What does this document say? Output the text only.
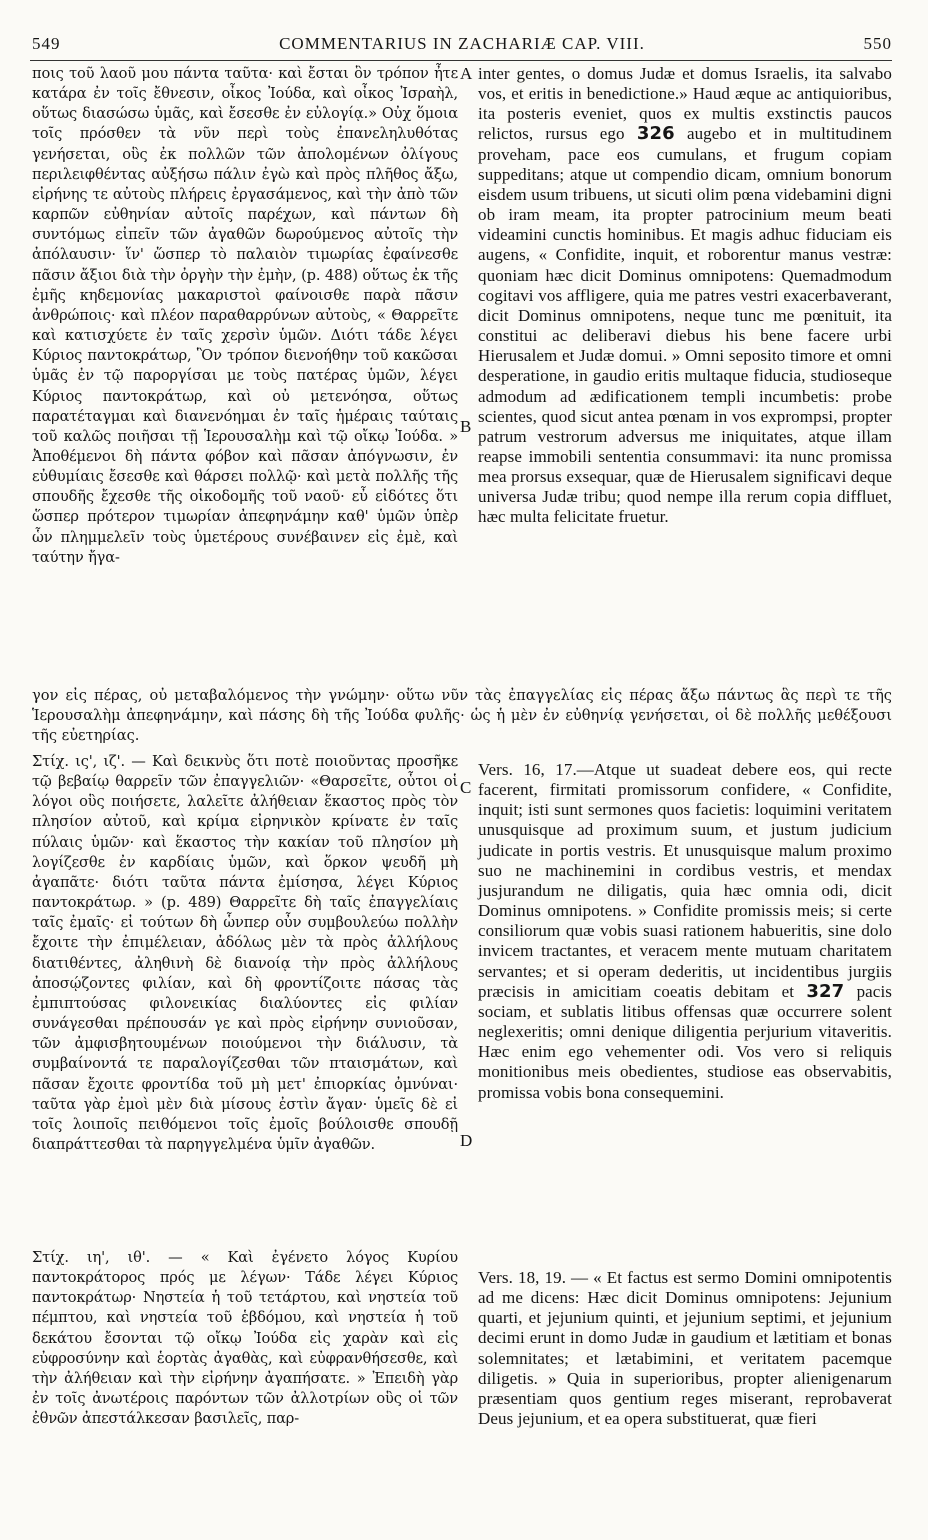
549	COMMENTARIUS IN ZACHARIÆ CAP. VIII.	550

ποις τοῦ λαοῦ μου πάντα ταῦτα· καὶ ἔσται ὃν τρόπον ἦτε κατάρα ἐν τοῖς ἔθνεσιν, οἶκος Ἰούδα, καὶ οἶκος Ἰσραὴλ, οὕτως διασώσω ὑμᾶς, καὶ ἔσεσθε ἐν εὐλογίᾳ.» Οὐχ ὅμοια τοῖς πρόσθεν τὰ νῦν περὶ τοὺς ἐπανεληλυθότας γενήσεται, οὓς ἐκ πολλῶν τῶν ἀπολομένων ὀλίγους περιλειφθέντας αὐξήσω πάλιν ἐγὼ καὶ πρὸς πλῆθος ἄξω, εἰρήνης τε αὐτοὺς πλήρεις ἐργασάμενος, καὶ τὴν ἀπὸ τῶν καρπῶν εὐθηνίαν αὐτοῖς παρέχων, καὶ πάντων δὴ συντόμως εἰπεῖν τῶν ἀγαθῶν δωρούμενος αὐτοῖς τὴν ἀπόλαυσιν· ἵν' ὥσπερ τὸ παλαιὸν τιμωρίας ἐφαίνεσθε πᾶσιν ἄξιοι διὰ τὴν ὀργὴν τὴν ἐμὴν, (p. 488) οὕτως ἐκ τῆς ἐμῆς κηδεμονίας μακαριστοὶ φαίνοισθε παρὰ πᾶσιν ἀνθρώποις· καὶ πλέον παραθαρρύνων αὐτοὺς, « Θαρρεῖτε καὶ κατισχύετε ἐν ταῖς χερσὶν ὑμῶν. Διότι τάδε λέγει Κύριος παντοκράτωρ, Ὃν τρόπον διενοήθην τοῦ κακῶσαι ὑμᾶς ἐν τῷ παροργίσαι με τοὺς πατέρας ὑμῶν, λέγει Κύριος παντοκράτωρ, καὶ οὐ μετενόησα, οὕτως παρατέταγμαι καὶ διανενόημαι ἐν ταῖς ἡμέραις ταύταις τοῦ καλῶς ποιῆσαι τῇ Ἱερουσαλὴμ καὶ τῷ οἴκῳ Ἰούδα. » Ἀποθέμενοι δὴ πάντα φόβον καὶ πᾶσαν ἀπόγνωσιν, ἐν εὐθυμίαις ἔσεσθε καὶ θάρσει πολλῷ· καὶ μετὰ πολλῆς τῆς σπουδῆς ἔχεσθε τῆς οἰκοδομῆς τοῦ ναοῦ· εὖ εἰδότες ὅτι ὥσπερ πρότερον τιμωρίαν ἀπεφηνάμην καθ' ὑμῶν ὑπὲρ ὧν πλημμελεῖν τοὺς ὑμετέρους συνέβαινεν εἰς ἐμὲ, καὶ ταύτην ἤγα-

inter gentes, o domus Judæ et domus Israelis, ita salvabo vos, et eritis in benedictione.» Haud æque ac antiquioribus, ita posteris eveniet, quos ex multis exstinctis paucos relictos, rursus ego 326 augebo et in multitudinem proveham, pace eos cumulans, et frugum copiam suppeditans; atque ut compendio dicam, omnium bonorum eisdem usum tribuens, ut sicuti olim pœna videbamini digni ob iram meam, ita propter patrocinium meum beati videamini cunctis hominibus. Et magis adhuc fiduciam eis augens, « Confidite, inquit, et roborentur manus vestræ: quoniam hæc dicit Dominus omnipotens: Quemadmodum cogitavi vos affligere, quia me patres vestri exacerbaverant, dicit Dominus omnipotens, neque tunc me pœnituit, ita constitui ac deliberavi diebus his bene facere urbi Hierusalem et Judæ domui. » Omni seposito timore et omni desperatione, in gaudio eritis multaque fiducia, studioseque admodum ad ædificationem templi incumbetis: probe scientes, quod sicut antea pœnam in vos exprompsi, propter patrum vestrorum adversus me iniquitates, atque illam reapse immobili sententia consummavi: ita nunc promissa mea prorsus exsequar, quæ de Hierusalem significavi deque universa Judæ tribu; quod nempe illa rerum copia diffluet, hæc multa felicitate fruetur.

A
B
C
D
γον εἰς πέρας, οὐ μεταβαλόμενος τὴν γνώμην· οὕτω νῦν τὰς ἐπαγγελίας εἰς πέρας ἄξω πάντως ἃς περὶ τε τῆς Ἱερουσαλὴμ ἀπεφηνάμην, καὶ πάσης δὴ τῆς Ἰούδα φυλῆς· ὡς ἡ μὲν ἐν εὐθηνίᾳ γενήσεται, οἱ δὲ πολλῆς μεθέξουσι τῆς εὐετηρίας.

Στίχ. ις', ιζ'. — Καὶ δεικνὺς ὅτι ποτὲ ποιοῦντας προσῆκε τῷ βεβαίῳ θαρρεῖν τῶν ἐπαγγελιῶν· «Θαρσεῖτε, οὗτοι οἱ λόγοι οὓς ποιήσετε, λαλεῖτε ἀλήθειαν ἕκαστος πρὸς τὸν πλησίον αὐτοῦ, καὶ κρίμα εἰρηνικὸν κρίνατε ἐν ταῖς πύλαις ὑμῶν· καὶ ἕκαστος τὴν κακίαν τοῦ πλησίον μὴ λογίζεσθε ἐν καρδίαις ὑμῶν, καὶ ὅρκον ψευδῆ μὴ ἀγαπᾶτε· διότι ταῦτα πάντα ἐμίσησα, λέγει Κύριος παντοκράτωρ. » (p. 489) Θαρρεῖτε δὴ ταῖς ἐπαγγελίαις ταῖς ἐμαῖς· εἰ τούτων δὴ ὧνπερ οὖν συμβουλεύω πολλὴν ἔχοιτε τὴν ἐπιμέλειαν, ἀδόλως μὲν τὰ πρὸς ἀλλήλους διατιθέντες, ἀληθινὴ δὲ διανοίᾳ τὴν πρὸς ἀλλήλους ἀποσῴζοντες φιλίαν, καὶ δὴ φροντίζοιτε πάσας τὰς ἐμπιπτούσας φιλονεικίας διαλύοντες εἰς φιλίαν συνάγεσθαι πρέπουσάν γε καὶ πρὸς εἰρήνην συνιοῦσαν, τῶν ἀμφισβητουμένων ποιούμενοι τὴν διάλυσιν, τὰ συμβαίνοντά τε παραλογίζεσθαι τῶν πταισμάτων, καὶ πᾶσαν ἔχοιτε φροντίδα τοῦ μὴ μετ' ἐπιορκίας ὀμνύναι· ταῦτα γὰρ ἐμοὶ μὲν διὰ μίσους ἐστὶν ἄγαν· ὑμεῖς δὲ εἰ τοῖς λοιποῖς πειθόμενοι τοῖς ἐμοῖς βούλοισθε σπουδῇ διαπράττεσθαι τὰ παρηγγελμένα ὑμῖν ἀγαθῶν.

Vers. 16, 17.—Atque ut suadeat debere eos, qui recte facerent, firmitati promissorum confidere, « Confidite, inquit; isti sunt sermones quos facietis: loquimini veritatem unusquisque ad proximum suum, et justum judicium judicate in portis vestris. Et unusquisque malum proximo suo ne machinemini in cordibus vestris, et mendax jusjurandum ne diligatis, quia hæc omnia odi, dicit Dominus omnipotens. » Confidite promissis meis; si certe consiliorum quæ vobis suasi rationem habueritis, sine dolo invicem tractantes, et veracem mente mutuam charitatem servantes; et si operam dederitis, ut incidentibus jurgiis præcisis in amicitiam coeatis debitam et 327 pacis sociam, et sublatis litibus offensas quæ occurrere solent neglexeritis; omni denique diligentia perjurium vitaveritis. Hæc enim ego vehementer odi. Vos vero si reliquis monitionibus meis obedientes, studiose eas observabitis, promissa vobis bona consequemini.

Στίχ. ιη', ιθ'. — « Καὶ ἐγένετο λόγος Κυρίου παντοκράτορος πρός με λέγων· Τάδε λέγει Κύριος παντοκράτωρ· Νηστεία ἡ τοῦ τετάρτου, καὶ νηστεία τοῦ πέμπτου, καὶ νηστεία τοῦ ἑβδόμου, καὶ νηστεία ἡ τοῦ δεκάτου ἔσονται τῷ οἴκῳ Ἰούδα εἰς χαρὰν καὶ εἰς εὐφροσύνην καὶ ἑορτὰς ἀγαθὰς, καὶ εὐφρανθήσεσθε, καὶ τὴν ἀλήθειαν καὶ τὴν εἰρήνην ἀγαπήσατε. » Ἐπειδὴ γὰρ ἐν τοῖς ἀνωτέροις παρόντων τῶν ἀλλοτρίων οὓς οἱ τῶν ἐθνῶν ἀπεστάλκεσαν βασιλεῖς, παρ-

Vers. 18, 19. — « Et factus est sermo Domini omnipotentis ad me dicens: Hæc dicit Dominus omnipotens: Jejunium quarti, et jejunium quinti, et jejunium septimi, et jejunium decimi erunt in domo Judæ in gaudium et lætitiam et bonas solemnitates; et lætabimini, et veritatem pacemque diligetis. » Quia in superioribus, propter alienigenarum præsentiam quos gentium reges miserant, reprobaverat Deus jejunium, et ea opera substituerat, quæ fieri
